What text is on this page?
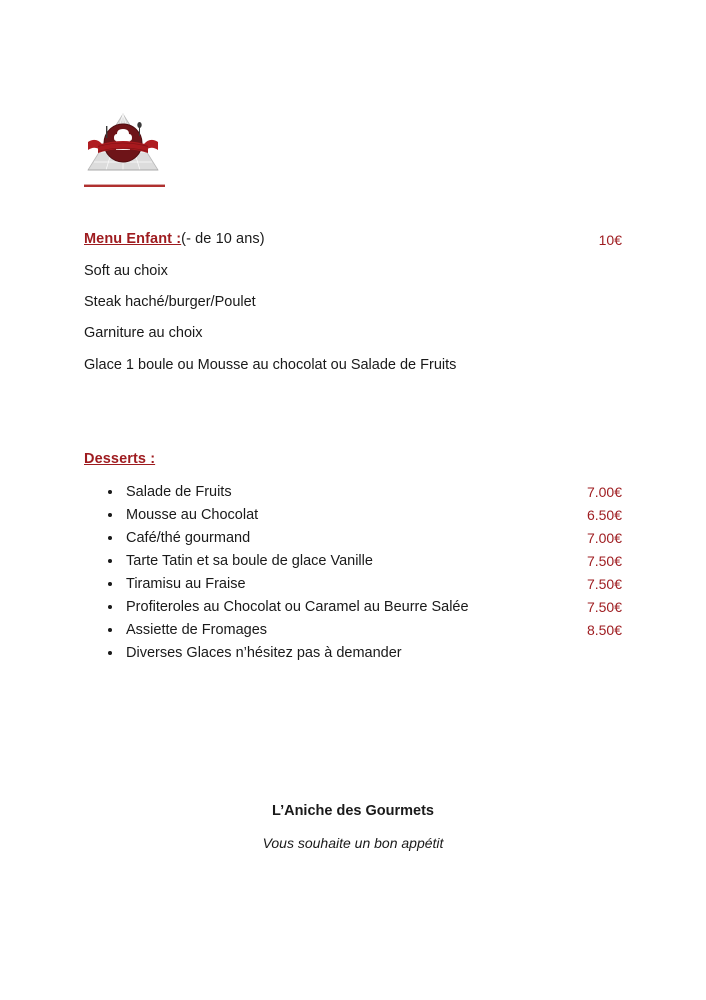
Menu Enfant :(- de 10 ans)	10€
Soft au choix
Steak haché/burger/Poulet
Garniture au choix
Glace 1 boule ou Mousse au chocolat ou Salade de Fruits
Desserts :
Salade de Fruits	7.00€
Mousse au Chocolat	6.50€
Café/thé gourmand	7.00€
Tarte Tatin et sa boule de glace Vanille	7.50€
Tiramisu au Fraise	7.50€
Profiteroles au Chocolat ou Caramel au Beurre Salée	7.50€
Assiette de Fromages	8.50€
Diverses Glaces n’hésitez pas à demander
L’Aniche des Gourmets
Vous souhaite un bon appétit
